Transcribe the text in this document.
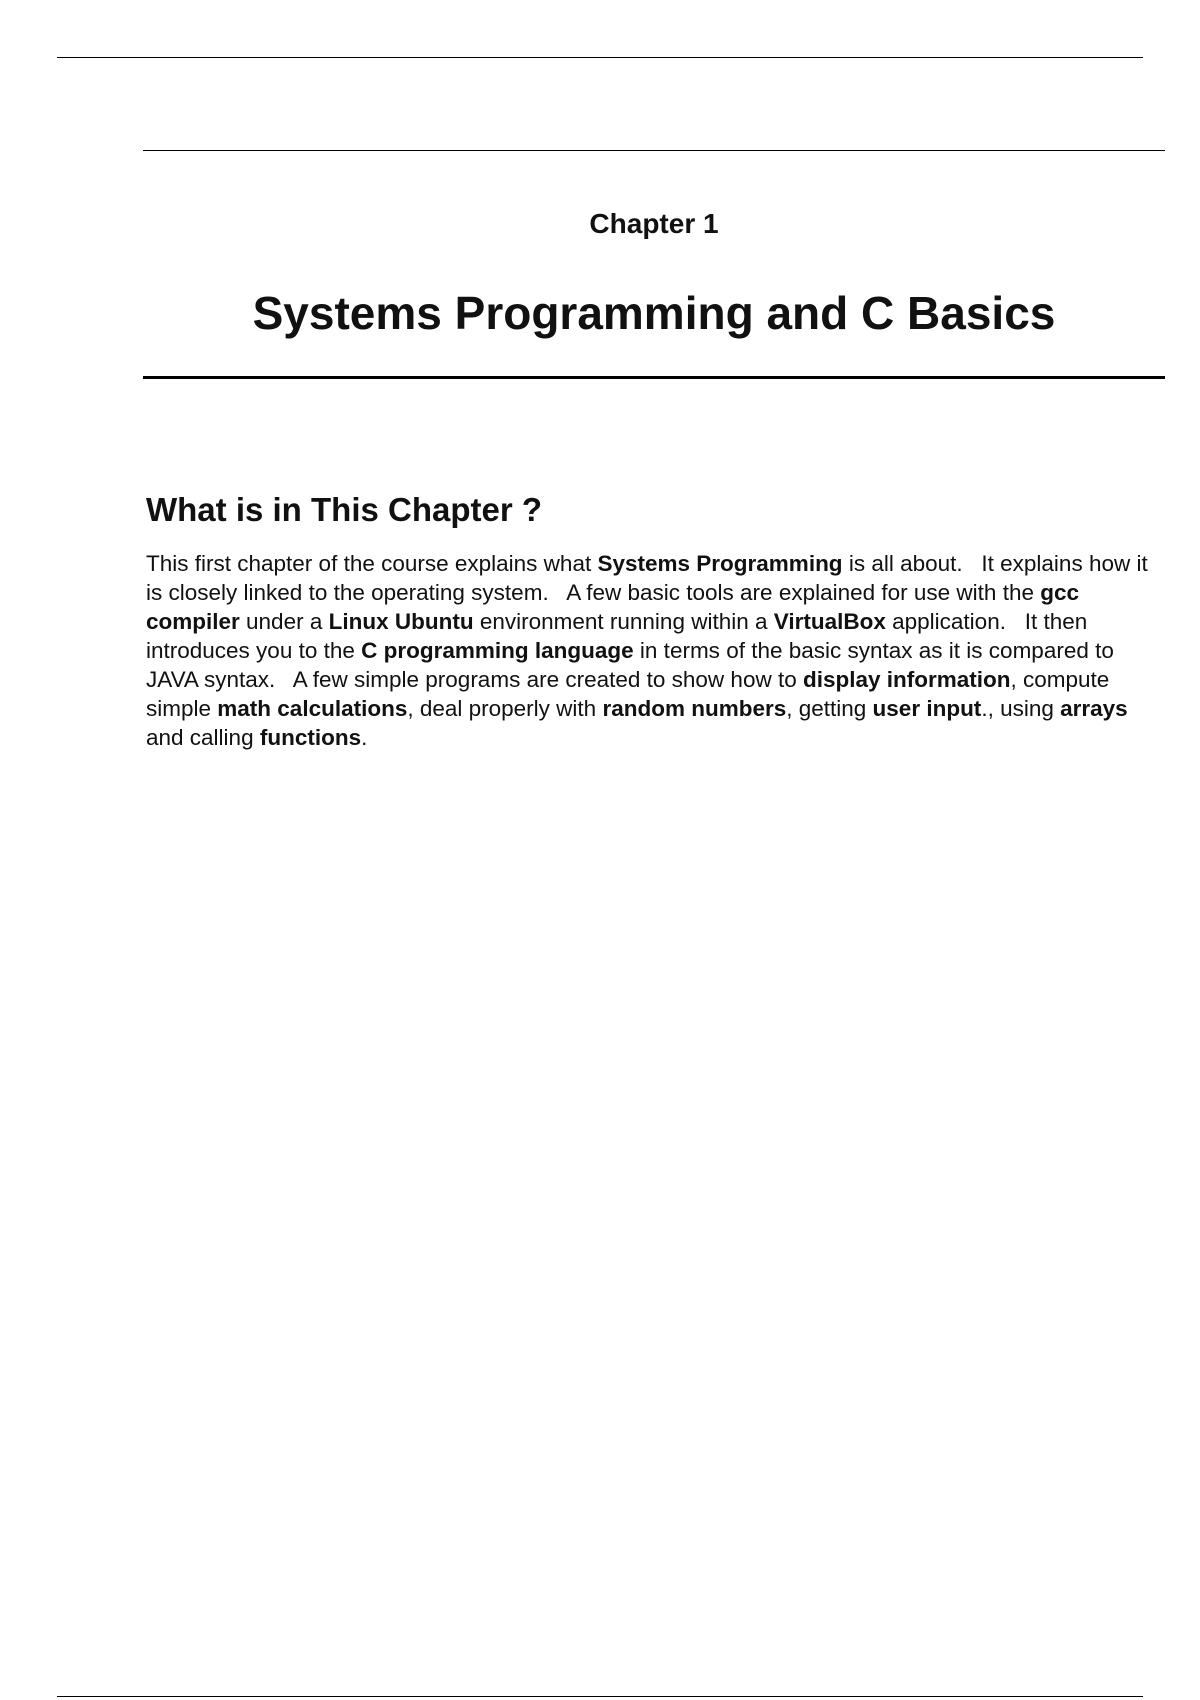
Chapter 1
Systems Programming and C Basics
What is in This Chapter ?

This first chapter of the course explains what Systems Programming is all about.   It explains how it is closely linked to the operating system.   A few basic tools are explained for use with the gcc compiler under a Linux Ubuntu environment running within a VirtualBox application.   It then introduces you to the C programming language in terms of the basic syntax as it is compared to JAVA syntax.   A few simple programs are created to show how to display information, compute simple math calculations, deal properly with random numbers, getting user input., using arrays and calling functions.
